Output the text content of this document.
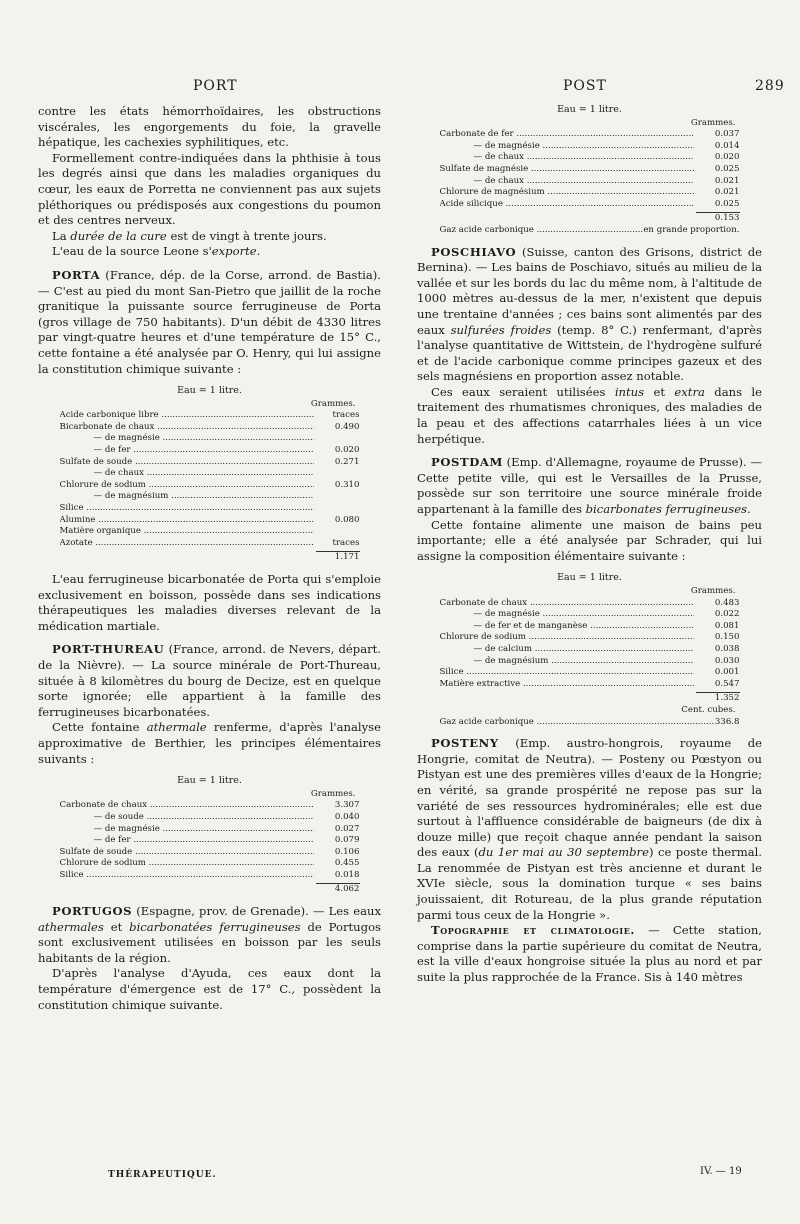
PORT	POST	289

contre les états hémorrhoïdaires, les obstructions viscérales, les engorgements du foie, la gravelle hépatique, les cachexies syphilitiques, etc.

Formellement contre-indiquées dans la phthisie à tous les degrés ainsi que dans les maladies organiques du cœur, les eaux de Porretta ne conviennent pas aux sujets pléthoriques ou prédisposés aux congestions du poumon et des centres nerveux.

La durée de la cure est de vingt à trente jours.

L'eau de la source Leone s'exporte.

PORTA (France, dép. de la Corse, arrond. de Bastia). — C'est au pied du mont San-Pietro que jaillit de la roche granitique la puissante source ferrugineuse de Porta (gros village de 750 habitants). D'un débit de 4330 litres par vingt-quatre heures et d'une température de 15° C., cette fontaine a été analysée par O. Henry, qui lui assigne la constitution chimique suivante :

Eau = 1 litre.
Grammes.
Acide carbonique libre .....	traces
Bicarbonate de chaux .....	0.490
— de magnésie .....
— de fer .....	0.020
Sulfate de soude .....	0.271
— de chaux .....
Chlorure de sodium .....	0.310
— de magnésium .....
Silice .....
Alumine .....	0.080
Matière organique .....
Azotate .....	traces
1.171

L'eau ferrugineuse bicarbonatée de Porta qui s'emploie exclusivement en boisson, possède dans ses indications thérapeutiques les maladies diverses relevant de la médication martiale.

PORT-THUREAU (France, arrond. de Nevers, départ. de la Nièvre). — La source minérale de Port-Thureau, située à 8 kilomètres du bourg de Decize, est en quelque sorte ignorée; elle appartient à la famille des ferrugineuses bicarbonatées.

Cette fontaine athermale renferme, d'après l'analyse approximative de Berthier, les principes élémentaires suivants :

Eau = 1 litre.
Grammes.
Carbonate de chaux .....	3.307
— de soude .....	0.040
— de magnésie .....	0.027
— de fer .....	0.079
Sulfate de soude .....	0.106
Chlorure de sodium .....	0.455
Silice .....	0.018
4.062

PORTUGOS (Espagne, prov. de Grenade). — Les eaux athermales et bicarbonatées ferrugineuses de Portugos sont exclusivement utilisées en boisson par les seuls habitants de la région.

D'après l'analyse d'Ayuda, ces eaux dont la température d'émergence est de 17° C., possèdent la constitution chimique suivante.

Eau = 1 litre.
Grammes.
Carbonate de fer .....	0.037
— de magnésie .....	0.014
— de chaux .....	0.020
Sulfate de magnésie .....	0.025
— de chaux .....	0.021
Chlorure de magnésium .....	0.021
Acide silicique .....	0.025
0.153
Gaz acide carbonique .....	en grande proportion.

POSCHIAVO (Suisse, canton des Grisons, district de Bernina). — Les bains de Poschiavo, situés au milieu de la vallée et sur les bords du lac du même nom, à l'altitude de 1000 mètres au-dessus de la mer, n'existent que depuis une trentaine d'années ; ces bains sont alimentés par des eaux sulfurées froides (temp. 8° C.) renfermant, d'après l'analyse quantitative de Wittstein, de l'hydrogène sulfuré et de l'acide carbonique comme principes gazeux et des sels magnésiens en proportion assez notable.

Ces eaux seraient utilisées intus et extra dans le traitement des rhumatismes chroniques, des maladies de la peau et des affections catarrhales liées à un vice herpétique.

POSTDAM (Emp. d'Allemagne, royaume de Prusse). — Cette petite ville, qui est le Versailles de la Prusse, possède sur son territoire une source minérale froide appartenant à la famille des bicarbonates ferrugineuses.

Cette fontaine alimente une maison de bains peu importante; elle a été analysée par Schrader, qui lui assigne la composition élémentaire suivante :

Eau = 1 litre.
Grammes.
Carbonate de chaux .....	0.483
— de magnésie .....	0.022
— de fer et de manganèse .....	0.081
Chlorure de sodium .....	0.150
— de calcium .....	0.038
— de magnésium .....	0.030
Silice .....	0.001
Matière extractive .....	0.547
1.352
Cent. cubes.
Gaz acide carbonique .....	336.8

POSTENY (Emp. austro-hongrois, royaume de Hongrie, comitat de Neutra). — Posteny ou Pœstyon ou Pistyan est une des premières villes d'eaux de la Hongrie; en vérité, sa grande prospérité ne repose pas sur la variété de ses ressources hydrominérales; elle est due surtout à l'affluence considérable de baigneurs (de dix à douze mille) que reçoit chaque année pendant la saison des eaux (du 1er mai au 30 septembre) ce poste thermal. La renommée de Pistyan est très ancienne et durant le XVIe siècle, sous la domination turque « ses bains jouissaient, dit Rotureau, de la plus grande réputation parmi tous ceux de la Hongrie ».

Topographie et climatologie. — Cette station, comprise dans la partie supérieure du comitat de Neutra, est la ville d'eaux hongroise située la plus au nord et par suite la plus rapprochée de la France. Sis à 140 mètres

THÉRAPEUTIQUE.	IV. — 19
